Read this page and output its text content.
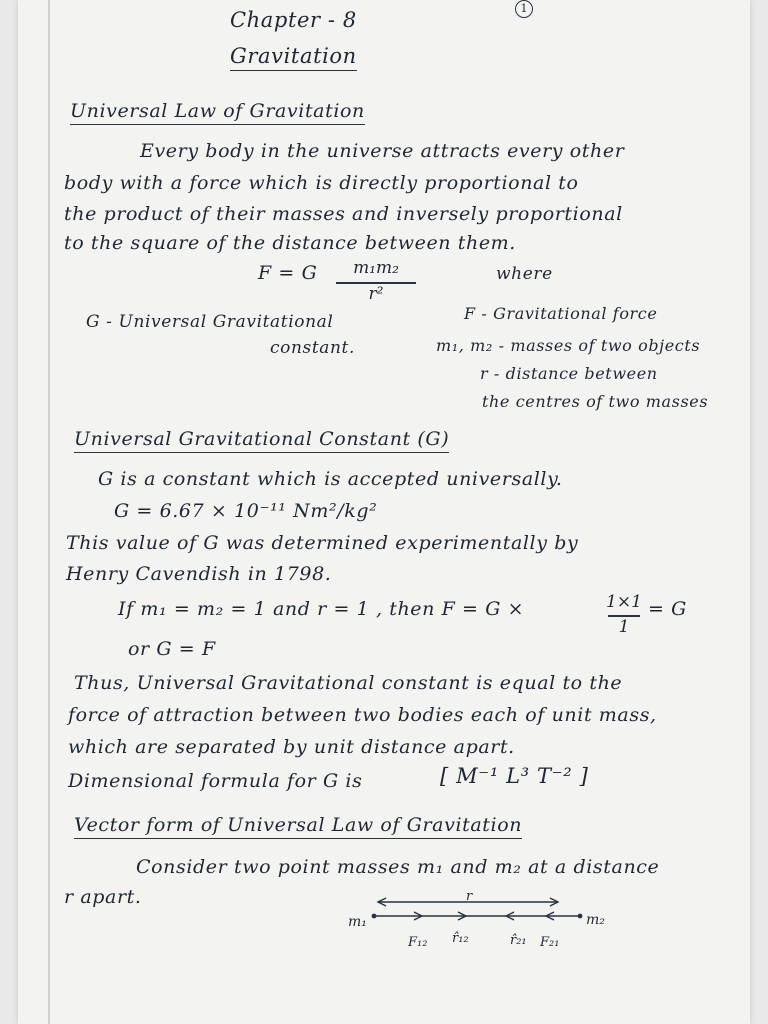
1
Chapter - 8
Gravitation
Universal Law of Gravitation
Every body in the universe attracts every other
body with a force which is directly proportional to
the product of their masses and inversely proportional
to the square of the distance between them.
F = G	m₁m₂
r²
where
G - Universal Gravitational
constant.
F - Gravitational force
m₁, m₂ - masses of two objects
r - distance between
the centres of two masses
Universal Gravitational Constant (G)
G is a constant which is accepted universally.
G = 6.67 × 10⁻¹¹ Nm²/kg²
This value of G was determined experimentally by
Henry Cavendish in 1798.
If m₁ = m₂ = 1 and r = 1 , then F = G ×	1×1
1
= G
or G = F
Thus, Universal Gravitational constant is equal to the
force of attraction between two bodies each of unit mass,
which are separated by unit distance apart.
Dimensional formula for G is	[ M⁻¹ L³ T⁻² ]
Vector form of Universal Law of Gravitation
Consider two point masses m₁ and m₂ at a distance
r apart.	r
m₁	m₂
F₁₂ r̂₁₂	r̂₂₁ F₂₁
